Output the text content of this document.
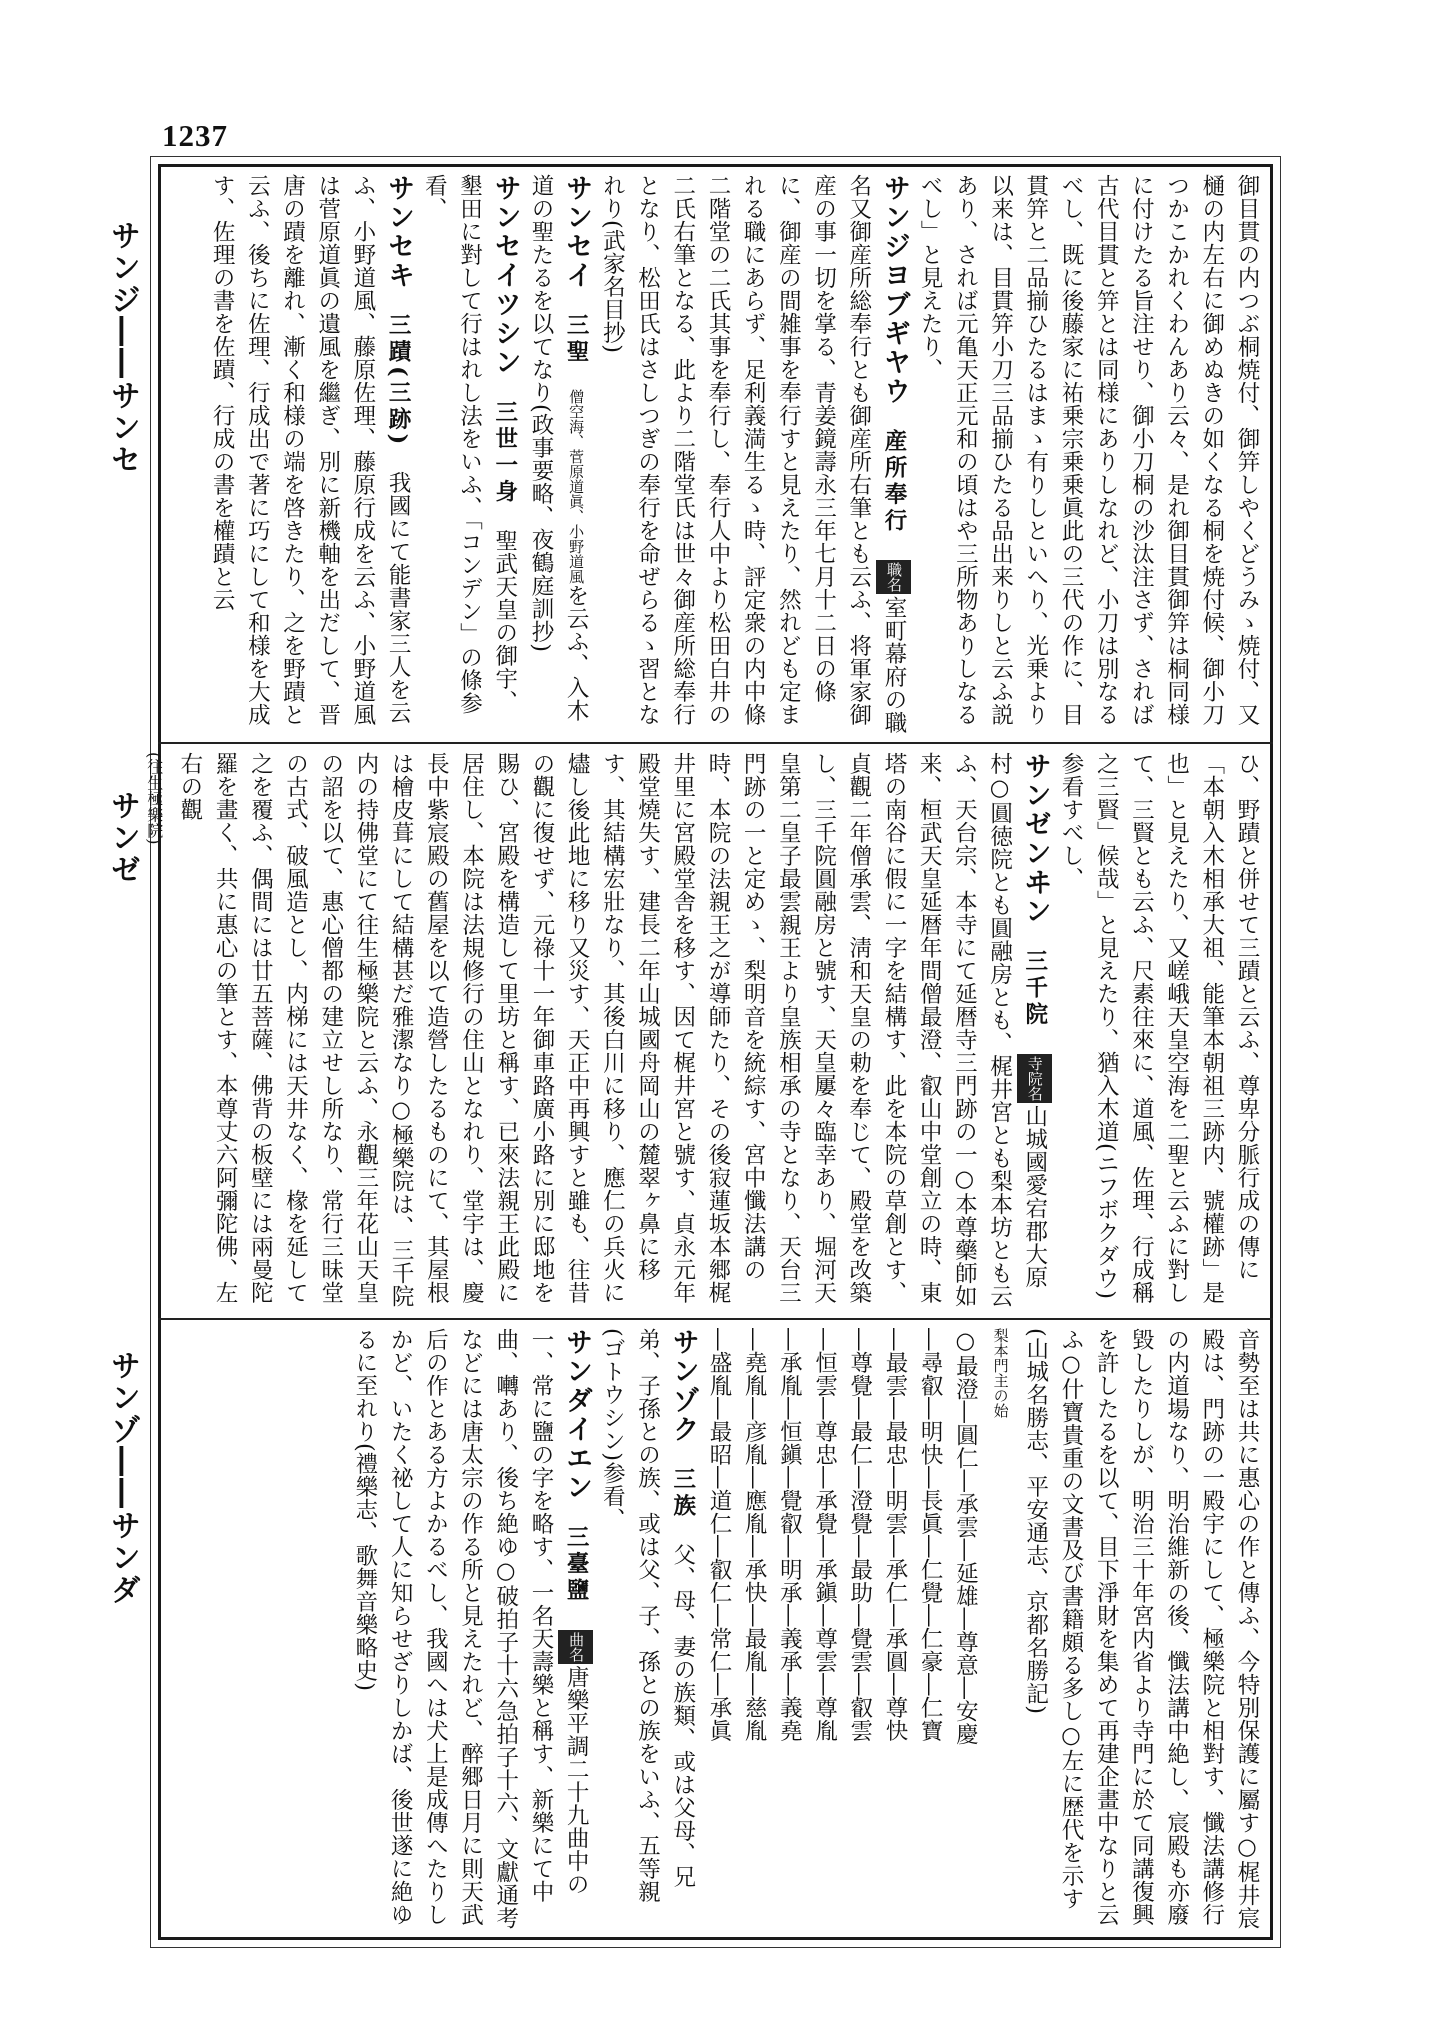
1237
サンジ――サンセ
サンゼ
サンゾ――サンダ

御目貫の内つぶ桐焼付、御笄しやくどうみゝ焼付、又樋の内左右に御めぬきの如くなる桐を焼付候、御小刀つかこかれくわんあり云々、是れ御目貫御笄は桐同様に付けたる旨注せり、御小刀桐の沙汰注さず、されば古代目貫と笄とは同様にありしなれど、小刀は別なるべし、既に後藤家に祐乗宗乗乗眞此の三代の作に、目貫笄と二品揃ひたるはまゝ有りしといへり、光乗より以来は、目貫笄小刀三品揃ひたる品出来りしと云ふ説あり、されば元亀天正元和の頃はや三所物ありしなるべし」と見えたり、

サンジヨブギヤウ　産所奉行　職名室町幕府の職名又御産所総奉行とも御産所右筆とも云ふ、将軍家御産の事一切を掌る、青姜鏡壽永三年七月十二日の條に、御産の間雑事を奉行すと見えたり、然れども定まれる職にあらず、足利義満生るゝ時、評定衆の内中條二階堂の二氏其事を奉行し、奉行人中より松田白井の二氏右筆となる、此より二階堂氏は世々御産所総奉行となり、松田氏はさしつぎの奉行を命ぜらるゝ習となれり(武家名目抄)

サンセイ　三聖　僧空海、菅原道眞、小野道風を云ふ、入木道の聖たるを以てなり(政事要略、夜鶴庭訓抄)

サンセイツシン　三世一身　聖武天皇の御宇、墾田に對して行はれし法をいふ、「コンデン」の條参看、

サンセキ　三蹟(三跡)　我國にて能書家三人を云ふ、小野道風、藤原佐理、藤原行成を云ふ、小野道風は菅原道眞の遺風を繼ぎ、別に新機軸を出だして、晋唐の蹟を離れ、漸く和様の端を啓きたり、之を野蹟と云ふ、後ちに佐理、行成出で著に巧にして和様を大成す、佐理の書を佐蹟、行成の書を權蹟と云

ひ、野蹟と併せて三蹟と云ふ、尊卑分脈行成の傳に「本朝入木相承大祖、能筆本朝祖三跡内、號權跡」是也」と見えたり、又嵯峨天皇空海を二聖と云ふに對して、三賢とも云ふ、尺素往來に、道風、佐理、行成稱之三賢」候哉」と見えたり、猶入木道(ニフボクダウ)参看すべし、

サンゼンヰン　三千院　寺院名山城國愛宕郡大原村○圓徳院とも圓融房とも、梶井宮とも梨本坊とも云ふ、天台宗、本寺にて延暦寺三門跡の一○本尊藥師如来、桓武天皇延暦年間僧最澄、叡山中堂創立の時、東塔の南谷に假に一字を結構す、此を本院の草創とす、貞觀二年僧承雲、淸和天皇の勅を奉じて、殿堂を改築し、三千院圓融房と號す、天皇屢々臨幸あり、堀河天皇第二皇子最雲親王より皇族相承の寺となり、天台三門跡の一と定めゝ、梨明音を統綜す、宮中懺法講の時、本院の法親王之が導師たり、その後寂蓮坂本郷梶井里に宮殿堂舎を移す、因て梶井宮と號す、貞永元年殿堂燒失す、建長二年山城國舟岡山の麓翠ヶ鼻に移す、其結構宏壯なり、其後白川に移り、應仁の兵火に燼し後此地に移り又災す、天正中再興すと雖も、往昔の觀に復せず、元祿十一年御車路廣小路に別に邸地を賜ひ、宮殿を構造して里坊と稱す、已來法親王此殿に居住し、本院は法規修行の住山となれり、堂宇は、慶長中紫宸殿の舊屋を以て造營したるものにて、其屋根は檜皮葺にして結構甚だ雅潔なり○極樂院は、三千院内の持佛堂にて往生極樂院と云ふ、永觀三年花山天皇の詔を以て、惠心僧都の建立せし所なり、常行三昧堂の古式、破風造とし、内梯には天井なく、椽を延して之を覆ふ、偶間には廿五菩薩、佛背の板壁には兩曼陀羅を畫く、共に惠心の筆とす、本尊丈六阿彌陀佛、左右の觀

(往生極樂院)

音勢至は共に惠心の作と傳ふ、今特別保護に屬す○梶井宸殿は、門跡の一殿宇にして、極樂院と相對す、懺法講修行の内道場なり、明治維新の後、懺法講中絶し、宸殿も亦廢毀したりしが、明治三十年宮内省より寺門に於て同講復興を許したるを以て、目下淨財を集めて再建企畫中なりと云ふ○什寶貴重の文書及び書籍頗る多し○左に歴代を示す(山城名勝志、平安通志、京都名勝記)

梨本門主の始

○最澄―圓仁―承雲―延雄―尊意―安慶

―尋叡―明快―長眞―仁覺―仁豪―仁寶

―最雲―最忠―明雲―承仁―承圓―尊快

―尊覺―最仁―澄覺―最助―覺雲―叡雲

―恒雲―尊忠―承覺―承鎭―尊雲―尊胤

―承胤―恒鎭―覺叡―明承―義承―義堯

―堯胤―彦胤―應胤―承快―最胤―慈胤

―盛胤―最昭―道仁―叡仁―常仁―承眞

サンゾク　三族　父、母、妻の族類、或は父母、兄弟、子孫との族、或は父、子、孫との族をいふ、五等親(ゴトウシン)参看、

サンダイエン　三臺鹽　曲名唐樂平調二十九曲中の一、常に鹽の字を略す、一名天壽樂と稱す、新樂にて中曲、囀あり、後ち絶ゆ○破拍子十六急拍子十六、文獻通考などには唐太宗の作る所と見えたれど、醉郷日月に則天武后の作とある方よかるべし、我國へは犬上是成傳へたりしかど、いたく祕して人に知らせざりしかば、後世遂に絶ゆるに至れり(禮樂志、歌舞音樂略史)
